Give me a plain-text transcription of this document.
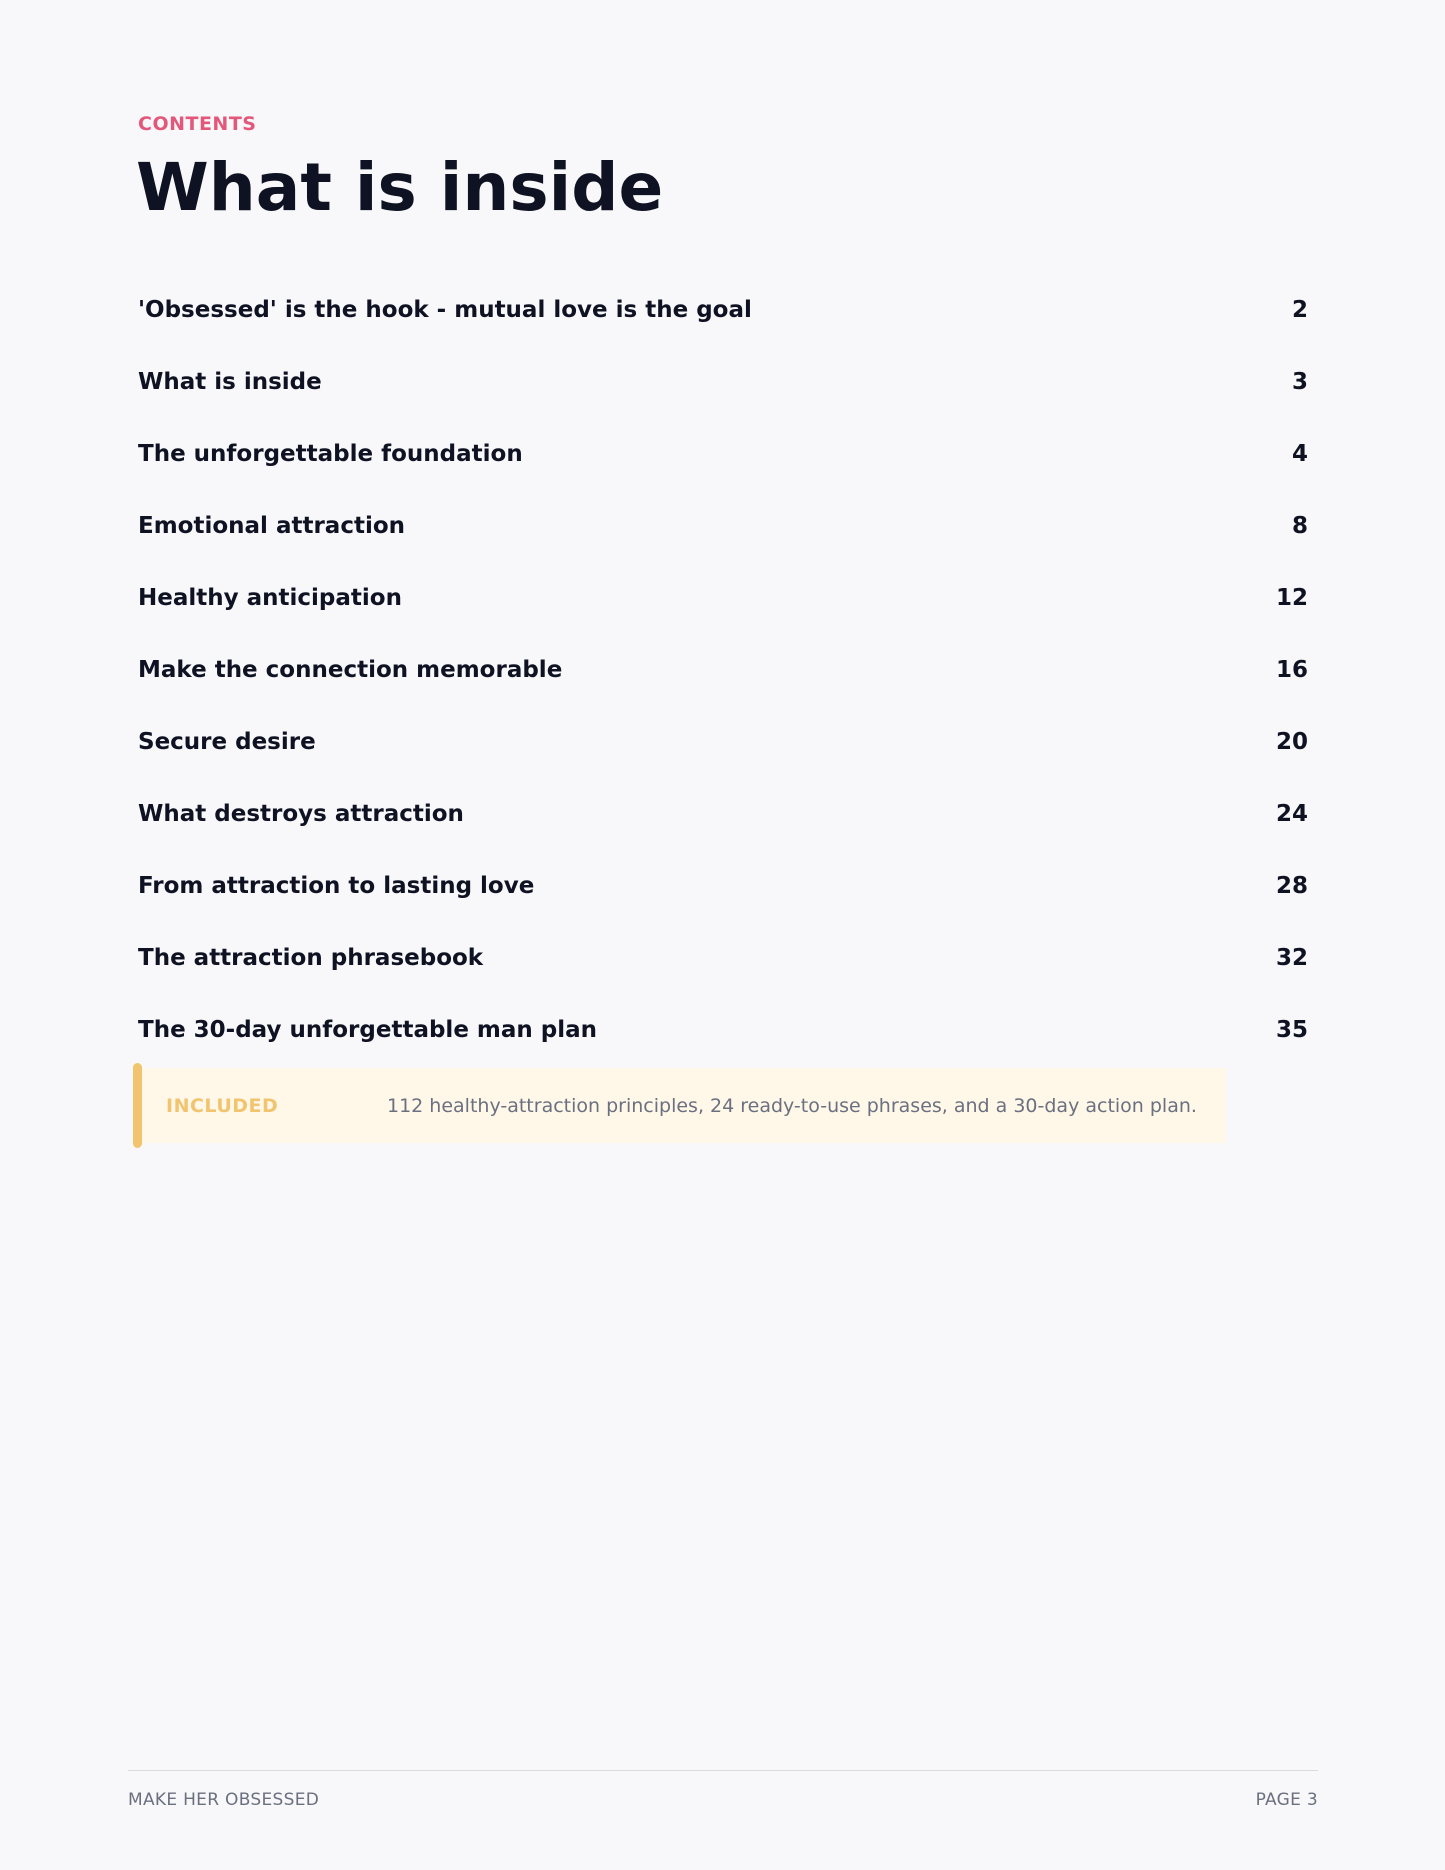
CONTENTS
What is inside
'Obsessed' is the hook - mutual love is the goal	2
What is inside	3
The unforgettable foundation	4
Emotional attraction	8
Healthy anticipation	12
Make the connection memorable	16
Secure desire	20
What destroys attraction	24
From attraction to lasting love	28
The attraction phrasebook	32
The 30-day unforgettable man plan	35
INCLUDED	112 healthy-attraction principles, 24 ready-to-use phrases, and a 30-day action plan.
MAKE HER OBSESSED	PAGE 3
